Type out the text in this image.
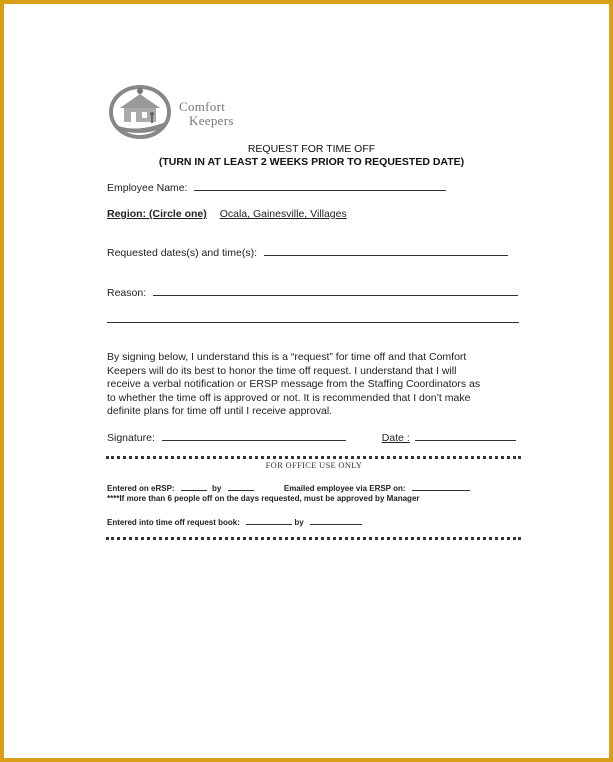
Comfort
Keepers
REQUEST FOR TIME OFF
(TURN IN AT LEAST 2 WEEKS PRIOR TO REQUESTED DATE)
Employee Name:
Region: (Circle one) Ocala, Gainesville, Villages
Requested dates(s) and time(s):
Reason:
By signing below, I understand this is a “request” for time off and that Comfort
Keepers will do its best to honor the time off request. I understand that I will
receive a verbal notification or ERSP message from the Staffing Coordinators as
to whether the time off is approved or not. It is recommended that I don’t make
definite plans for time off until I receive approval.
Signature:	Date :
FOR OFFICE USE ONLY
Entered on eRSP:	by	Emailed employee via ERSP on:
****If more than 6 people off on the days requested, must be approved by Manager
Entered into time off request book:	by
